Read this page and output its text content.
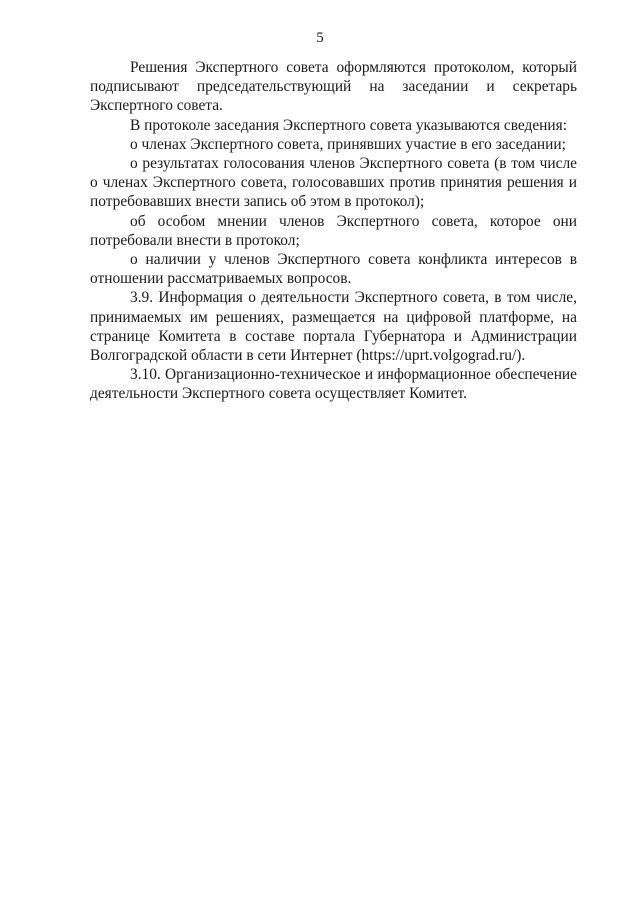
5

Решения Экспертного совета оформляются протоколом, который подписывают председательствующий на заседании и секретарь Экспертного совета.

В протоколе заседания Экспертного совета указываются сведения:

о членах Экспертного совета, принявших участие в его заседании;

о результатах голосования членов Экспертного совета (в том числе о членах Экспертного совета, голосовавших против принятия решения и потребовавших внести запись об этом в протокол);

об особом мнении членов Экспертного совета, которое они потребовали внести в протокол;

о наличии у членов Экспертного совета конфликта интересов в отношении рассматриваемых вопросов.

3.9. Информация о деятельности Экспертного совета, в том числе, принимаемых им решениях, размещается на цифровой платформе, на странице Комитета в составе портала Губернатора и Администрации Волгоградской области в сети Интернет (https://uprt.volgograd.ru/).

3.10. Организационно-техническое и информационное обеспечение деятельности Экспертного совета осуществляет Комитет.
